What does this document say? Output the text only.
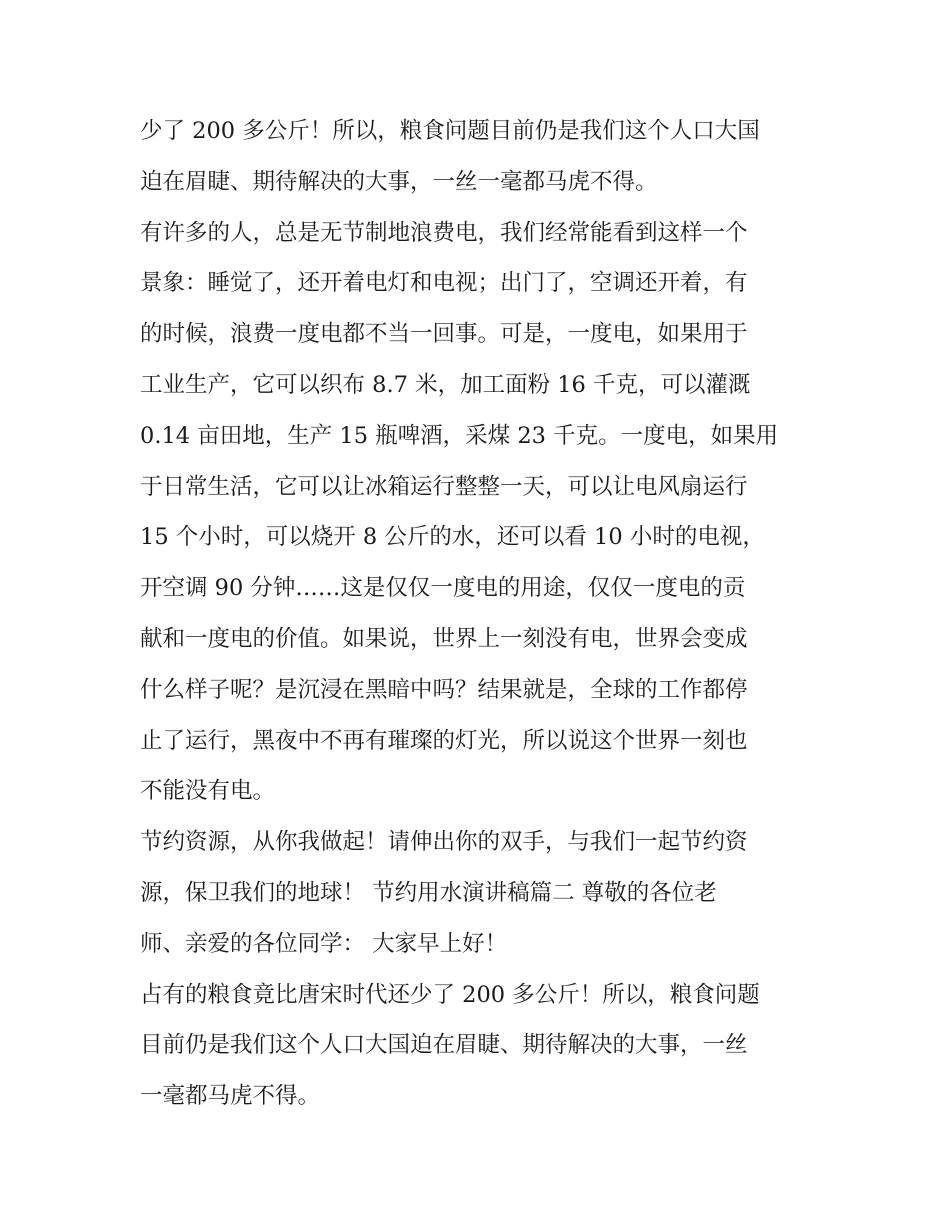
少了 200 多公斤！所以，粮食问题目前仍是我们这个人口大国
迫在眉睫、期待解决的大事，一丝一毫都马虎不得。
有许多的人，总是无节制地浪费电，我们经常能看到这样一个
景象：睡觉了，还开着电灯和电视；出门了，空调还开着，有
的时候，浪费一度电都不当一回事。可是，一度电，如果用于
工业生产，它可以织布 8.7 米，加工面粉 16 千克，可以灌溉
0.14 亩田地，生产 15 瓶啤酒，采煤 23 千克。一度电，如果用
于日常生活，它可以让冰箱运行整整一天，可以让电风扇运行
15 个小时，可以烧开 8 公斤的水，还可以看 10 小时的电视，
开空调 90 分钟……这是仅仅一度电的用途，仅仅一度电的贡
献和一度电的价值。如果说，世界上一刻没有电，世界会变成
什么样子呢？是沉浸在黑暗中吗？结果就是，全球的工作都停
止了运行，黑夜中不再有璀璨的灯光，所以说这个世界一刻也
不能没有电。
节约资源，从你我做起！请伸出你的双手，与我们一起节约资
源，保卫我们的地球！ 节约用水演讲稿篇二 尊敬的各位老
师、亲爱的各位同学： 大家早上好！
占有的粮食竟比唐宋时代还少了 200 多公斤！所以，粮食问题
目前仍是我们这个人口大国迫在眉睫、期待解决的大事，一丝
一毫都马虎不得。
